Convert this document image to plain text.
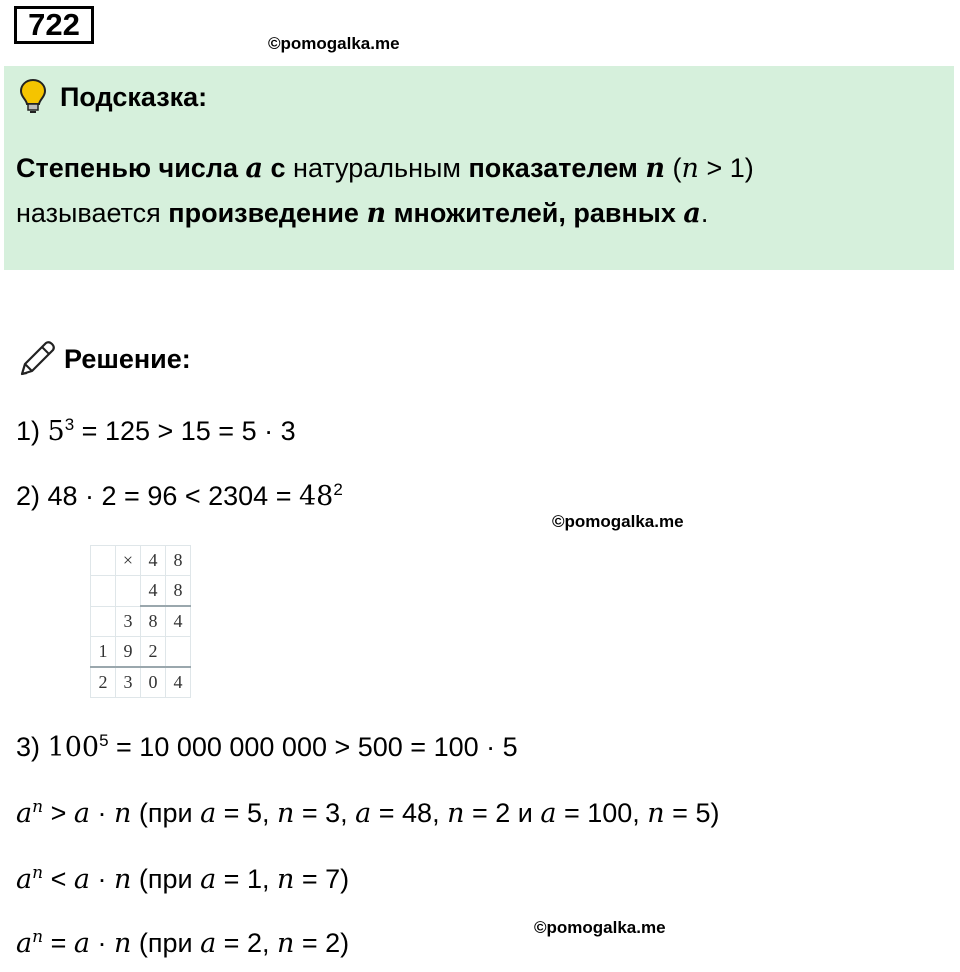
722
©pomogalka.me
Подсказка:
Степенью числа 𝒂 с натуральным показателем 𝒏 (𝑛 > 1)
называется произведение 𝒏 множителей, равных 𝒂.
Решение:
1) $5^3 = 125 > 15 = 5 \cdot 3$
2) $48 \cdot 2 = 96 < 2304 = 48^2$
©pomogalka.me
	×	4	8
		4	8
	3	8	4
1	9	2	
2	3	0	4
3) $100^5 = 10$ 000 000 000 > 500 = 100 · 5
𝑎$^𝑛$ > 𝑎 · 𝑛 (при 𝑎 = 5, 𝑛 = 3, 𝑎 = 48, 𝑛 = 2 и 𝑎 = 100, 𝑛 = 5)
𝑎$^𝑛$ < 𝑎 · 𝑛 (при 𝑎 = 1, 𝑛 = 7)
©pomogalka.me
𝑎$^𝑛$ = 𝑎 · 𝑛 (при 𝑎 = 2, 𝑛 = 2)
